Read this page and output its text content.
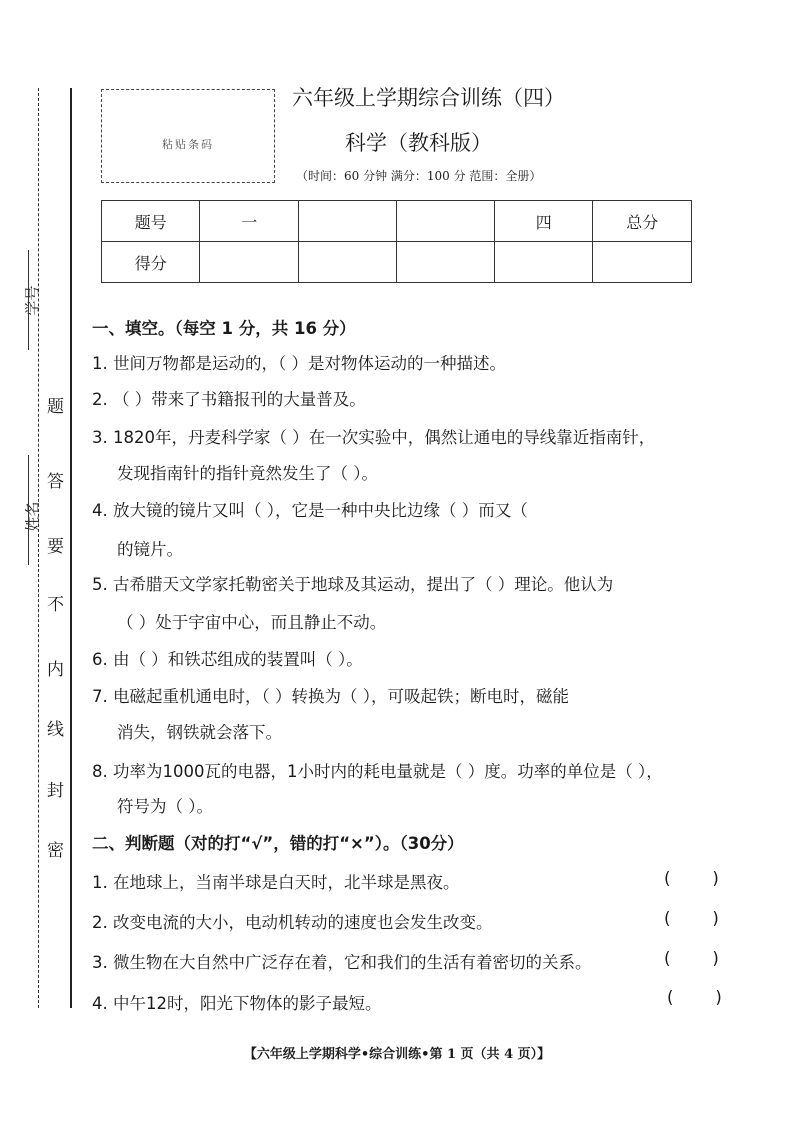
学号
姓名
题
答
要
不
内
线
封
密
粘贴条码
六年级上学期综合训练（四）
科学（教科版）
（时间：60 分钟 满分：100 分 范围：全册）
题号	一			四	总分
得分					
一、填空。（每空 1 分，共 16 分）
1. 世间万物都是运动的，（ ）是对物体运动的一种描述。
2. （ ）带来了书籍报刊的大量普及。
3. 1820年，丹麦科学家（ ）在一次实验中，偶然让通电的导线靠近指南针，
发现指南针的指针竟然发生了（ ）。
4. 放大镜的镜片又叫（ ），它是一种中央比边缘（ ）而又（
的镜片。
5. 古希腊天文学家托勒密关于地球及其运动，提出了（ ）理论。他认为
（ ）处于宇宙中心，而且静止不动。
6. 由（ ）和铁芯组成的装置叫（ ）。
7. 电磁起重机通电时，（ ）转换为（ ），可吸起铁；断电时，磁能
消失，钢铁就会落下。
8. 功率为1000瓦的电器，1小时内的耗电量就是（ ）度。功率的单位是（ ），
符号为（ ）。
二、判断题（对的打“√”，错的打“×”）。（30分）
1. 在地球上，当南半球是白天时，北半球是黑夜。	(        )
2. 改变电流的大小，电动机转动的速度也会发生改变。	(        )
3. 微生物在大自然中广泛存在着，它和我们的生活有着密切的关系。	(        )
4. 中午12时，阳光下物体的影子最短。	(        )
【六年级上学期科学•综合训练•第 1 页（共 4 页）】
